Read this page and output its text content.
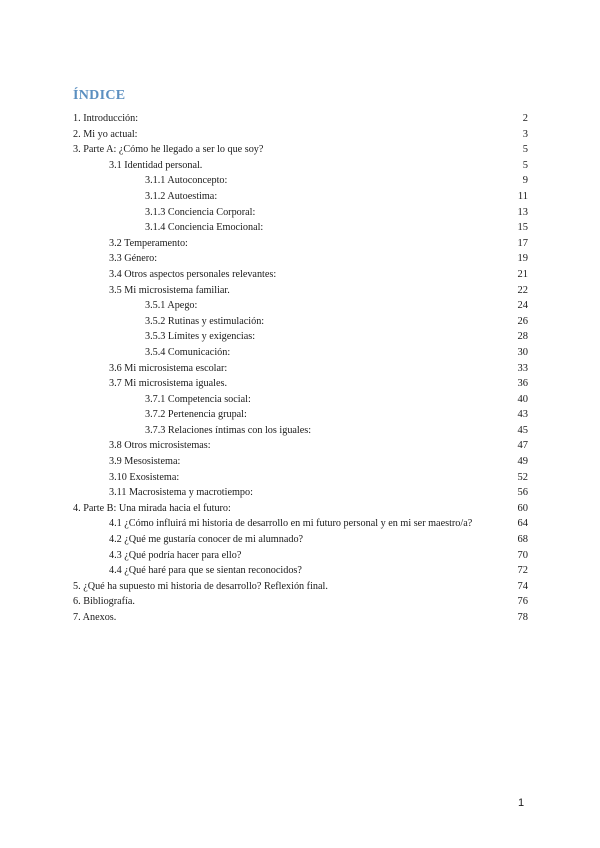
ÍNDICE
1. Introducción:	2
2. Mi yo actual:	3
3. Parte A: ¿Cómo he llegado a ser lo que soy?	5
3.1 Identidad personal.	5
3.1.1 Autoconcepto:	9
3.1.2 Autoestima:	11
3.1.3 Conciencia Corporal:	13
3.1.4 Conciencia Emocional:	15
3.2 Temperamento:	17
3.3 Género:	19
3.4 Otros aspectos personales relevantes:	21
3.5 Mi microsistema familiar.	22
3.5.1 Apego:	24
3.5.2 Rutinas y estimulación:	26
3.5.3 Límites y exigencias:	28
3.5.4 Comunicación:	30
3.6 Mi microsistema escolar:	33
3.7 Mi microsistema iguales.	36
3.7.1 Competencia social:	40
3.7.2 Pertenencia grupal:	43
3.7.3 Relaciones íntimas con los iguales:	45
3.8 Otros microsistemas:	47
3.9 Mesosistema:	49
3.10 Exosistema:	52
3.11 Macrosistema y macrotiempo:	56
4. Parte B: Una mirada hacia el futuro:	60
4.1 ¿Cómo influirá mi historia de desarrollo en mi futuro personal y en mi ser maestro/a?	64
4.2 ¿Qué me gustaría conocer de mi alumnado?	68
4.3 ¿Qué podría hacer para ello?	70
4.4 ¿Qué haré para que se sientan reconocidos?	72
5. ¿Qué ha supuesto mi historia de desarrollo? Reflexión final.	74
6. Bibliografía.	76
7. Anexos.	78
1
